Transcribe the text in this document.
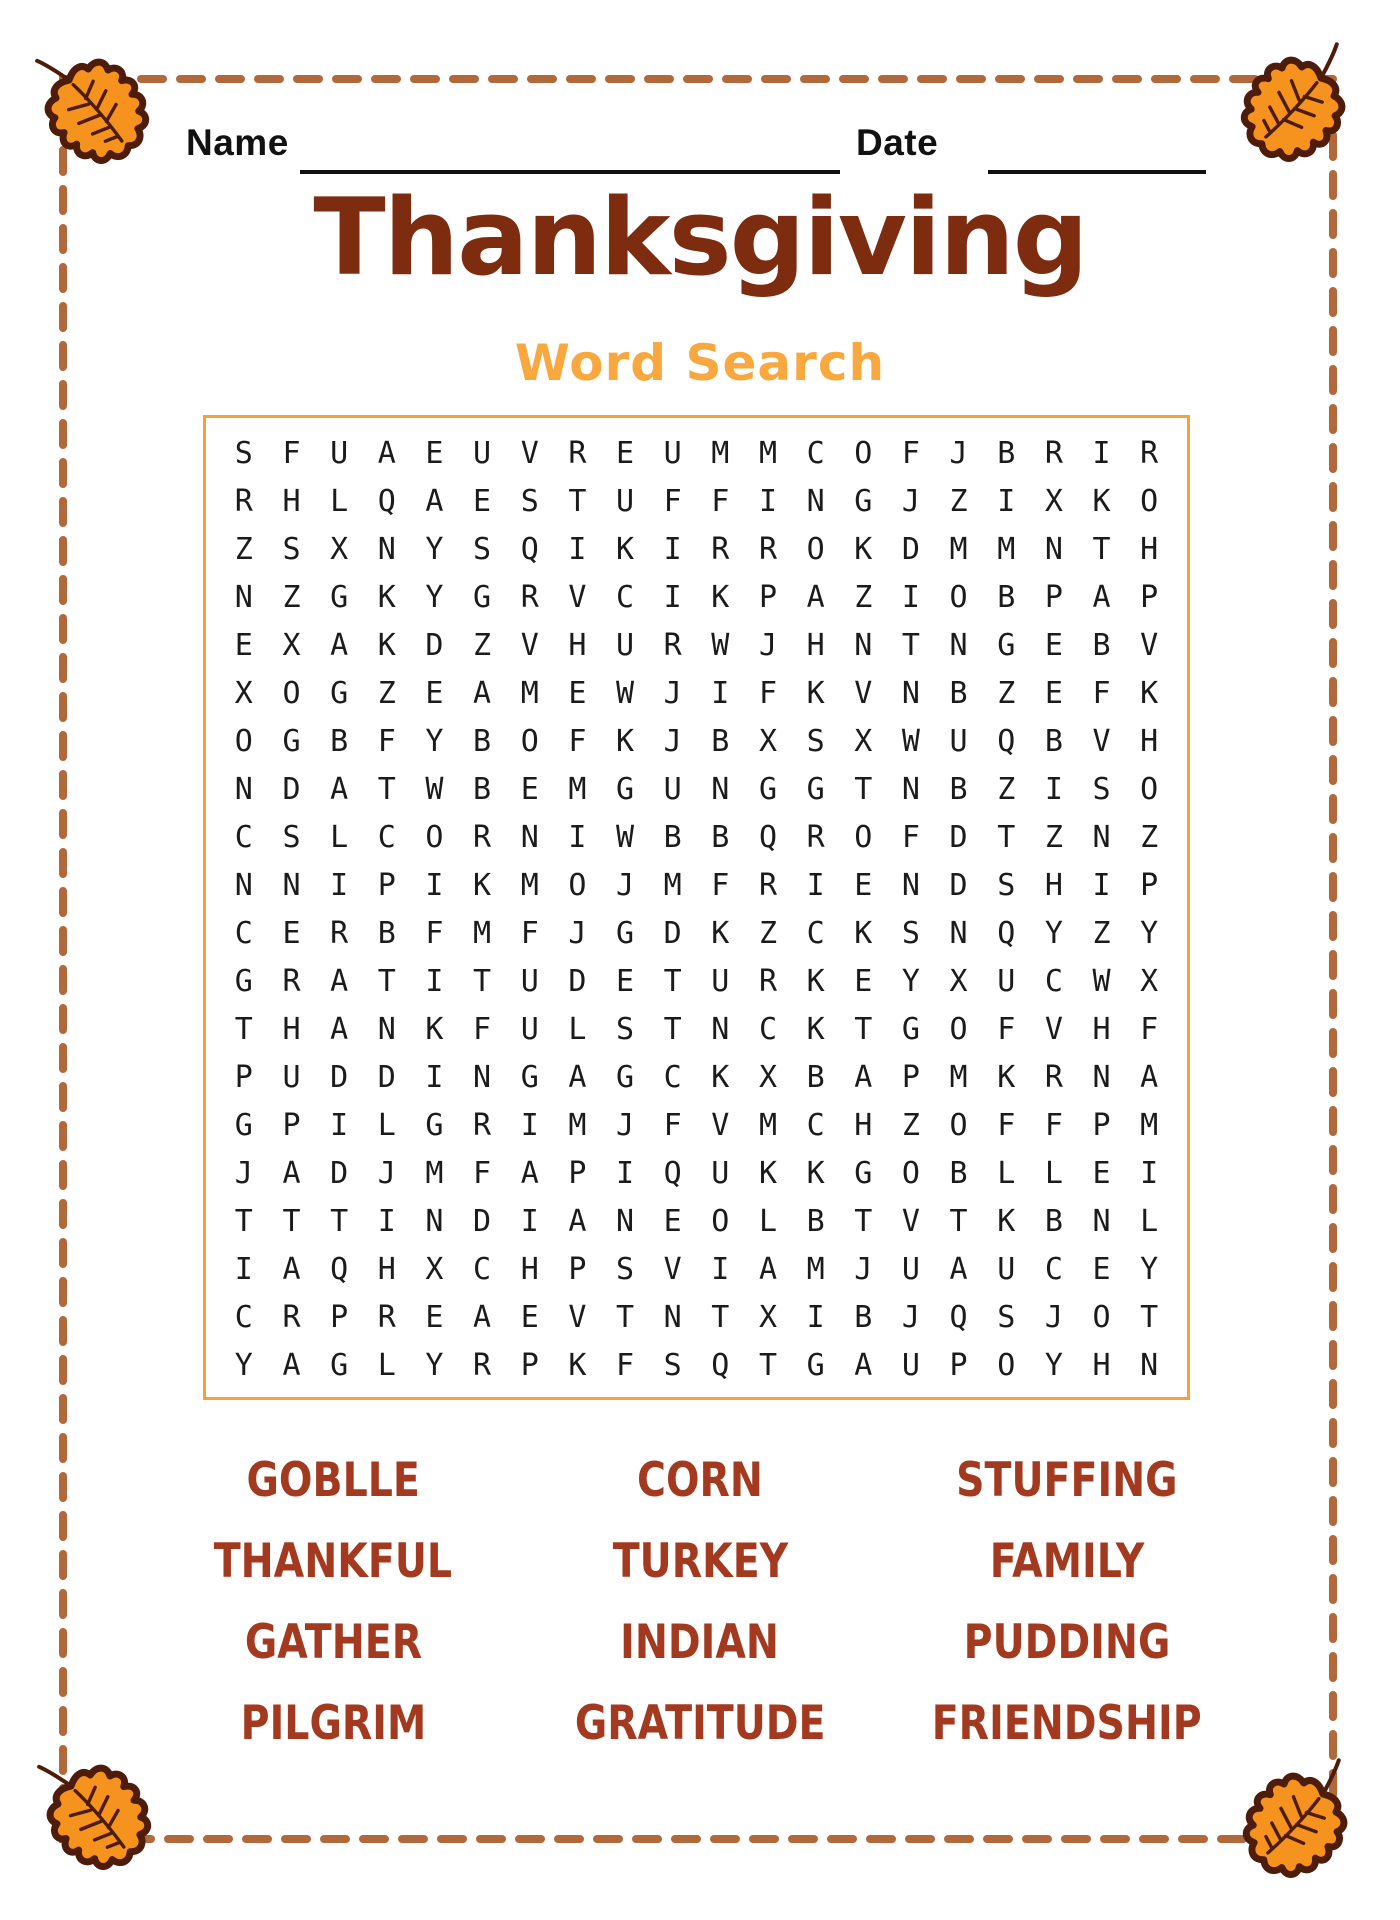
Name	Date
Thanksgiving
Word Search
S F U A E U V R E U M M C O F J B R I R
R H L Q A E S T U F F I N G J Z I X K O
Z S X N Y S Q I K I R R O K D M M N T H
N Z G K Y G R V C I K P A Z I O B P A P
E X A K D Z V H U R W J H N T N G E B V
X O G Z E A M E W J I F K V N B Z E F K
O G B F Y B O F K J B X S X W U Q B V H
N D A T W B E M G U N G G T N B Z I S O
C S L C O R N I W B B Q R O F D T Z N Z
N N I P I K M O J M F R I E N D S H I P
C E R B F M F J G D K Z C K S N Q Y Z Y
G R A T I T U D E T U R K E Y X U C W X
T H A N K F U L S T N C K T G O F V H F
P U D D I N G A G C K X B A P M K R N A
G P I L G R I M J F V M C H Z O F F P M
J A D J M F A P I Q U K K G O B L L E I
T T T I N D I A N E O L B T V T K B N L
I A Q H X C H P S V I A M J U A U C E Y
C R P R E A E V T N T X I B J Q S J O T
Y A G L Y R P K F S Q T G A U P O Y H N
GOBLLE	CORN	STUFFING
THANKFUL	TURKEY	FAMILY
GATHER	INDIAN	PUDDING
PILGRIM	GRATITUDE FRIENDSHIP
